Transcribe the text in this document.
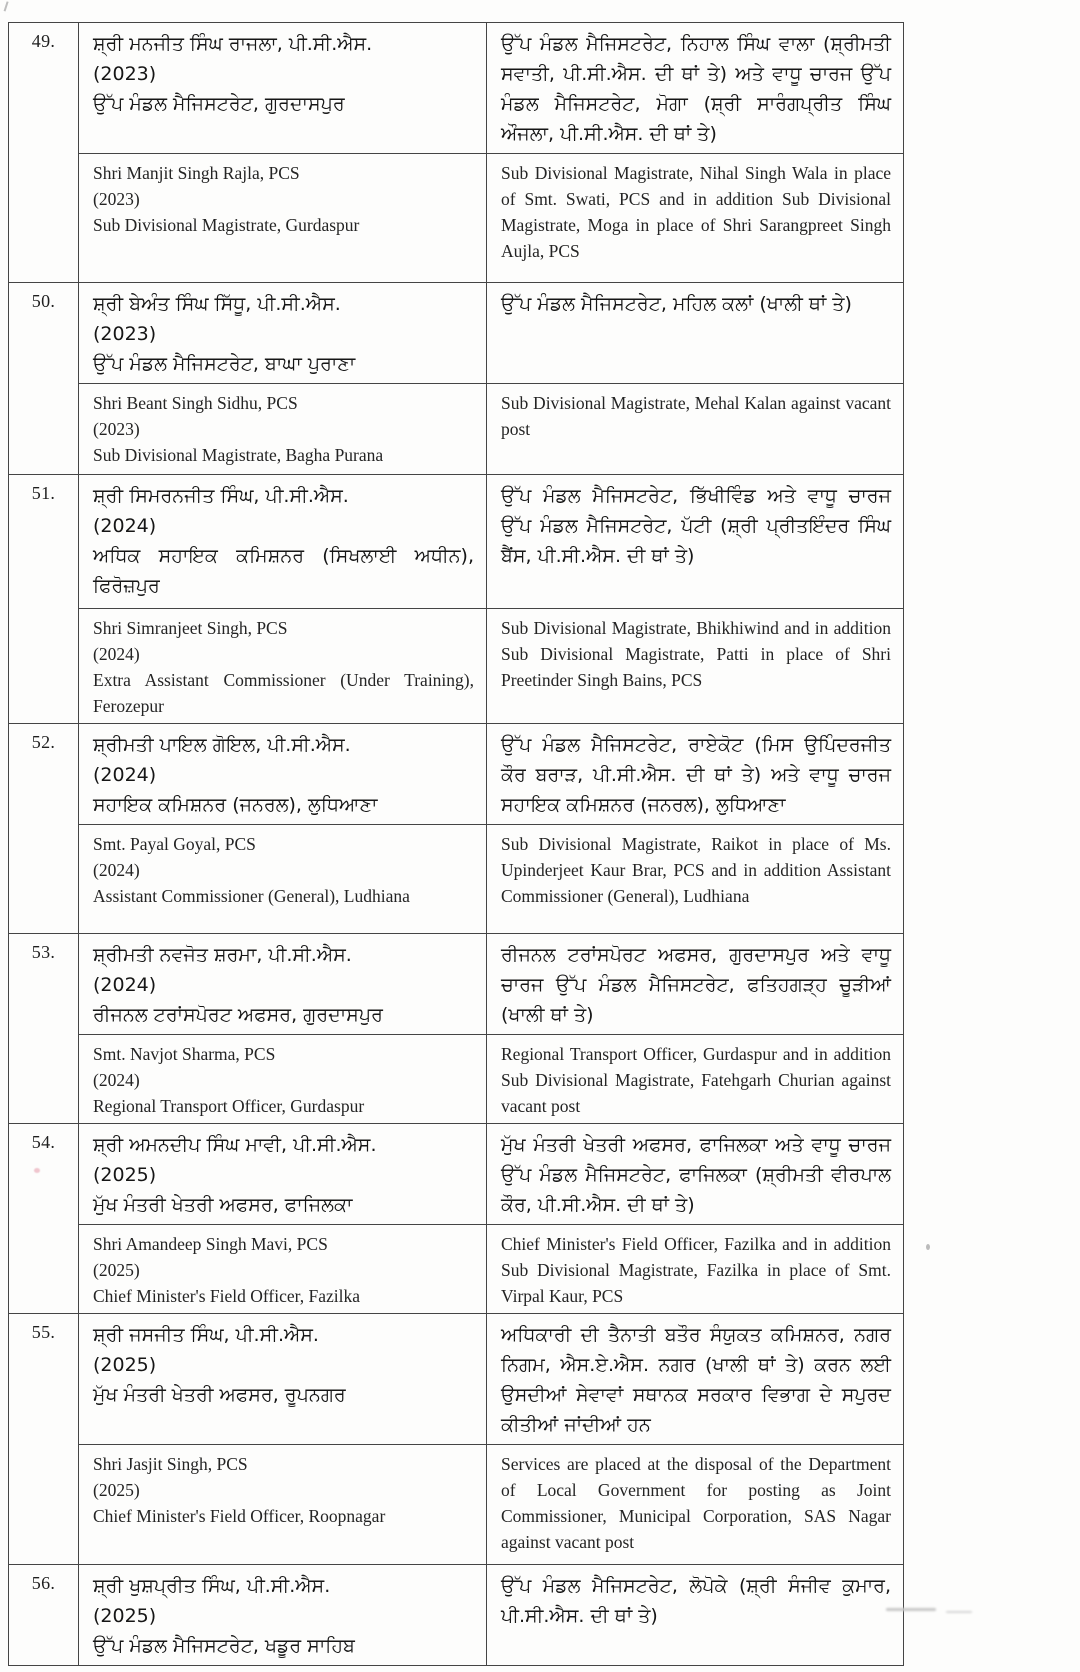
49.	ਸ਼੍ਰੀ ਮਨਜੀਤ ਸਿੰਘ ਰਾਜਲਾ, ਪੀ.ਸੀ.ਐਸ.
(2023)
ਉੱਪ ਮੰਡਲ ਮੈਜਿਸਟਰੇਟ, ਗੁਰਦਾਸਪੁਰ	ਉੱਪ ਮੰਡਲ ਮੈਜਿਸਟਰੇਟ, ਨਿਹਾਲ ਸਿੰਘ ਵਾਲਾ (ਸ਼੍ਰੀਮਤੀ ਸਵਾਤੀ, ਪੀ.ਸੀ.ਐਸ. ਦੀ ਥਾਂ ਤੇ) ਅਤੇ ਵਾਧੂ ਚਾਰਜ ਉੱਪ ਮੰਡਲ ਮੈਜਿਸਟਰੇਟ, ਮੋਗਾ (ਸ਼੍ਰੀ ਸਾਰੰਗਪ੍ਰੀਤ ਸਿੰਘ ਔਜਲਾ, ਪੀ.ਸੀ.ਐਸ. ਦੀ ਥਾਂ ਤੇ)

	Shri Manjit Singh Rajla, PCS
(2023)
Sub Divisional Magistrate, Gurdaspur	Sub Divisional Magistrate, Nihal Singh Wala in place of Smt. Swati, PCS and in addition Sub Divisional Magistrate, Moga in place of Shri Sarangpreet Singh Aujla, PCS
50.	ਸ਼੍ਰੀ ਬੇਅੰਤ ਸਿੰਘ ਸਿੱਧੂ, ਪੀ.ਸੀ.ਐਸ.
(2023)
ਉੱਪ ਮੰਡਲ ਮੈਜਿਸਟਰੇਟ, ਬਾਘਾ ਪੁਰਾਣਾ	ਉੱਪ ਮੰਡਲ ਮੈਜਿਸਟਰੇਟ, ਮਹਿਲ ਕਲਾਂ (ਖਾਲੀ ਥਾਂ ਤੇ)

	Shri Beant Singh Sidhu, PCS
(2023)
Sub Divisional Magistrate, Bagha Purana	Sub Divisional Magistrate, Mehal Kalan against vacant post
51.	ਸ਼੍ਰੀ ਸਿਮਰਨਜੀਤ ਸਿੰਘ, ਪੀ.ਸੀ.ਐਸ.
(2024)
ਅਧਿਕ ਸਹਾਇਕ ਕਮਿਸ਼ਨਰ (ਸਿਖਲਾਈ ਅਧੀਨ), ਫਿਰੋਜ਼ਪੁਰ	ਉੱਪ ਮੰਡਲ ਮੈਜਿਸਟਰੇਟ, ਭਿੱਖੀਵਿੰਡ ਅਤੇ ਵਾਧੂ ਚਾਰਜ ਉੱਪ ਮੰਡਲ ਮੈਜਿਸਟਰੇਟ, ਪੱਟੀ (ਸ਼੍ਰੀ ਪ੍ਰੀਤਇੰਦਰ ਸਿੰਘ ਬੈਂਸ, ਪੀ.ਸੀ.ਐਸ. ਦੀ ਥਾਂ ਤੇ)

	Shri Simranjeet Singh, PCS
(2024)
Extra Assistant Commissioner (Under Training), Ferozepur	Sub Divisional Magistrate, Bhikhiwind and in addition Sub Divisional Magistrate, Patti in place of Shri Preetinder Singh Bains, PCS
52.	ਸ਼੍ਰੀਮਤੀ ਪਾਇਲ ਗੋਇਲ, ਪੀ.ਸੀ.ਐਸ.
(2024)
ਸਹਾਇਕ ਕਮਿਸ਼ਨਰ (ਜਨਰਲ), ਲੁਧਿਆਣਾ	ਉੱਪ ਮੰਡਲ ਮੈਜਿਸਟਰੇਟ, ਰਾਏਕੋਟ (ਮਿਸ ਉਪਿੰਦਰਜੀਤ ਕੌਰ ਬਰਾੜ, ਪੀ.ਸੀ.ਐਸ. ਦੀ ਥਾਂ ਤੇ) ਅਤੇ ਵਾਧੂ ਚਾਰਜ ਸਹਾਇਕ ਕਮਿਸ਼ਨਰ (ਜਨਰਲ), ਲੁਧਿਆਣਾ

	Smt. Payal Goyal, PCS
(2024)
Assistant Commissioner (General), Ludhiana	Sub Divisional Magistrate, Raikot in place of Ms. Upinderjeet Kaur Brar, PCS and in addition Assistant Commissioner (General), Ludhiana
53.	ਸ਼੍ਰੀਮਤੀ ਨਵਜੋਤ ਸ਼ਰਮਾ, ਪੀ.ਸੀ.ਐਸ.
(2024)
ਰੀਜਨਲ ਟਰਾਂਸਪੋਰਟ ਅਫਸਰ, ਗੁਰਦਾਸਪੁਰ	ਰੀਜਨਲ ਟਰਾਂਸਪੋਰਟ ਅਫਸਰ, ਗੁਰਦਾਸਪੁਰ ਅਤੇ ਵਾਧੂ ਚਾਰਜ ਉੱਪ ਮੰਡਲ ਮੈਜਿਸਟਰੇਟ, ਫਤਿਹਗੜ੍ਹ ਚੂੜੀਆਂ (ਖਾਲੀ ਥਾਂ ਤੇ)

	Smt. Navjot Sharma, PCS
(2024)
Regional Transport Officer, Gurdaspur	Regional Transport Officer, Gurdaspur and in addition Sub Divisional Magistrate, Fatehgarh Churian against vacant post
54.	ਸ਼੍ਰੀ ਅਮਨਦੀਪ ਸਿੰਘ ਮਾਵੀ, ਪੀ.ਸੀ.ਐਸ.
(2025)
ਮੁੱਖ ਮੰਤਰੀ ਖੇਤਰੀ ਅਫਸਰ, ਫਾਜਿਲਕਾ	ਮੁੱਖ ਮੰਤਰੀ ਖੇਤਰੀ ਅਫਸਰ, ਫਾਜਿਲਕਾ ਅਤੇ ਵਾਧੂ ਚਾਰਜ ਉੱਪ ਮੰਡਲ ਮੈਜਿਸਟਰੇਟ, ਫਾਜਿਲਕਾ (ਸ਼੍ਰੀਮਤੀ ਵੀਰਪਾਲ ਕੌਰ, ਪੀ.ਸੀ.ਐਸ. ਦੀ ਥਾਂ ਤੇ)

	Shri Amandeep Singh Mavi, PCS
(2025)
Chief Minister's Field Officer, Fazilka	Chief Minister's Field Officer, Fazilka and in addition Sub Divisional Magistrate, Fazilka in place of Smt. Virpal Kaur, PCS
55.	ਸ਼੍ਰੀ ਜਸਜੀਤ ਸਿੰਘ, ਪੀ.ਸੀ.ਐਸ.
(2025)
ਮੁੱਖ ਮੰਤਰੀ ਖੇਤਰੀ ਅਫਸਰ, ਰੂਪਨਗਰ	ਅਧਿਕਾਰੀ ਦੀ ਤੈਨਾਤੀ ਬਤੌਰ ਸੰਯੁਕਤ ਕਮਿਸ਼ਨਰ, ਨਗਰ ਨਿਗਮ, ਐਸ.ਏ.ਐਸ. ਨਗਰ (ਖਾਲੀ ਥਾਂ ਤੇ) ਕਰਨ ਲਈ ਉਸਦੀਆਂ ਸੇਵਾਵਾਂ ਸਥਾਨਕ ਸਰਕਾਰ ਵਿਭਾਗ ਦੇ ਸਪੁਰਦ ਕੀਤੀਆਂ ਜਾਂਦੀਆਂ ਹਨ

	Shri Jasjit Singh, PCS
(2025)
Chief Minister's Field Officer, Roopnagar	Services are placed at the disposal of the Department of Local Government for posting as Joint Commissioner, Municipal Corporation, SAS Nagar against vacant post
56.	ਸ਼੍ਰੀ ਖੁਸ਼ਪ੍ਰੀਤ ਸਿੰਘ, ਪੀ.ਸੀ.ਐਸ.
(2025)
ਉੱਪ ਮੰਡਲ ਮੈਜਿਸਟਰੇਟ, ਖਡੂਰ ਸਾਹਿਬ	ਉੱਪ ਮੰਡਲ ਮੈਜਿਸਟਰੇਟ, ਲੋਪੋਕੇ (ਸ਼੍ਰੀ ਸੰਜੀਵ ਕੁਮਾਰ, ਪੀ.ਸੀ.ਐਸ. ਦੀ ਥਾਂ ਤੇ)
